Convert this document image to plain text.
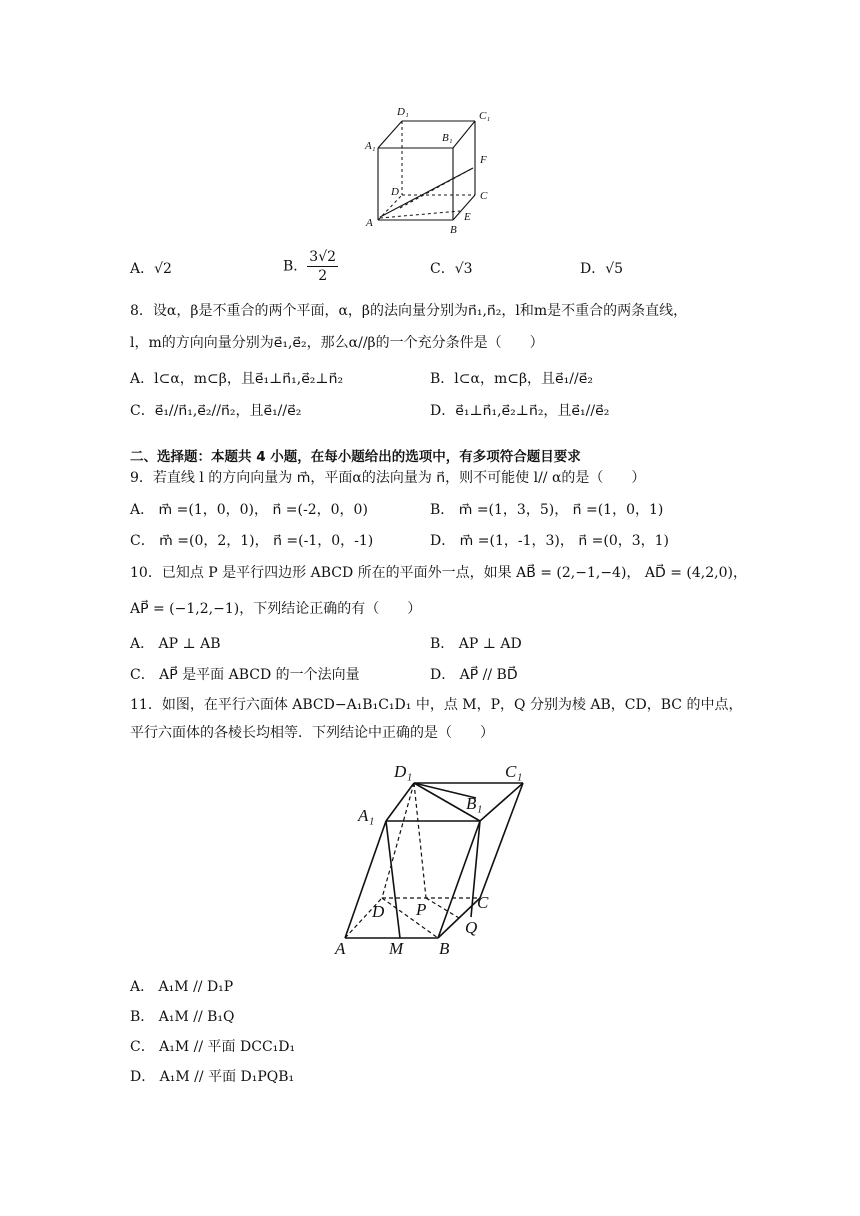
D₁	C₁
A₁
B₁
F
D	C
A	E
B
A．√2	B． $\frac{3√2}{2}$	C．√3	D．√5
8．设α，β是不重合的两个平面，α，β的法向量分别为n⃗₁,n⃗₂，l和m是不重合的两条直线，
l，m的方向向量分别为e⃗₁,e⃗₂，那么α//β的一个充分条件是（　　）
A．l⊂α，m⊂β，且e⃗₁⊥n⃗₁,e⃗₂⊥n⃗₂	B．l⊂α，m⊂β，且e⃗₁//e⃗₂
C．e⃗₁//n⃗₁,e⃗₂//n⃗₂，且e⃗₁//e⃗₂	D．e⃗₁⊥n⃗₁,e⃗₂⊥n⃗₂，且e⃗₁//e⃗₂
二、选择题：本题共 4 小题，在每小题给出的选项中，有多项符合题目要求
9．若直线 l 的方向向量为 m⃗，平面α的法向量为 n⃗，则不可能使 l// α的是（　　）
A． m⃗ =(1，0，0)， n⃗ =(-2，0，0)	B． m⃗ =(1，3，5)， n⃗ =(1，0，1)
C． m⃗ =(0，2，1)， n⃗ =(-1，0，-1)	D． m⃗ =(1，-1，3)， n⃗ =(0，3，1)
10．已知点 P 是平行四边形 ABCD 所在的平面外一点，如果 AB⃗ = (2,−1,−4)， AD⃗ = (4,2,0)，
AP⃗ = (−1,2,−1)，下列结论正确的有（　　）
A． AP ⊥ AB	B． AP ⊥ AD
C． AP⃗ 是平面 ABCD 的一个法向量	D． AP⃗ // BD⃗
11．如图，在平行六面体 ABCD−A₁B₁C₁D₁ 中，点 M，P，Q 分别为棱 AB，CD，BC 的中点，
平行六面体的各棱长均相等．下列结论中正确的是（　　）
D₁	C₁
A₁
B₁
D P	C
Q
A	M B
A． A₁M // D₁P
B． A₁M // B₁Q
C． A₁M // 平面 DCC₁D₁
D． A₁M // 平面 D₁PQB₁
